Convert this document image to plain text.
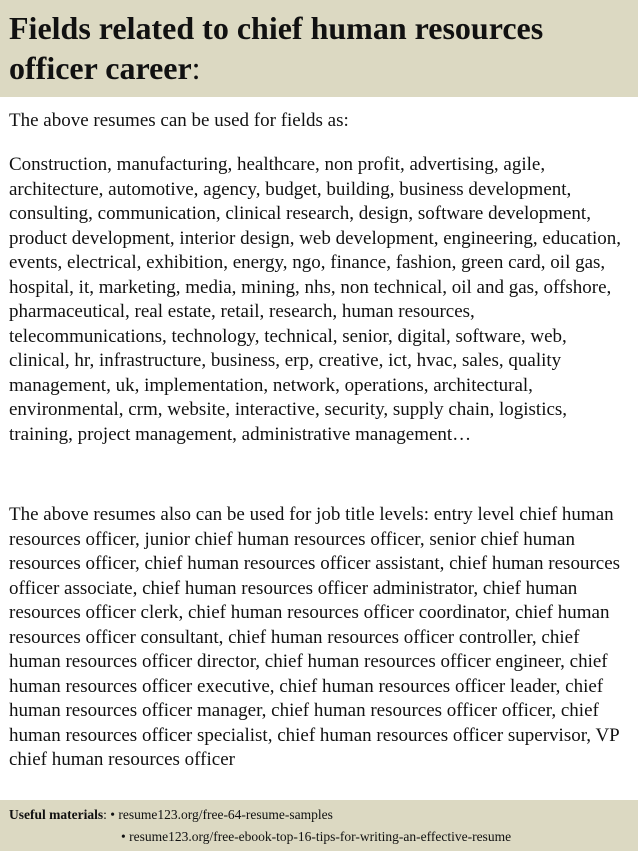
Fields related to chief human resources officer career:

The above resumes can be used for fields as:

Construction, manufacturing, healthcare, non profit, advertising, agile, architecture, automotive, agency, budget, building, business development, consulting, communication, clinical research, design, software development, product development, interior design, web development, engineering, education, events, electrical, exhibition, energy, ngo, finance, fashion, green card, oil gas, hospital, it, marketing, media, mining, nhs, non technical, oil and gas, offshore, pharmaceutical, real estate, retail, research, human resources, telecommunications, technology, technical, senior, digital, software, web, clinical, hr, infrastructure, business, erp, creative, ict, hvac, sales, quality management, uk, implementation, network, operations, architectural, environmental, crm, website, interactive, security, supply chain, logistics, training, project management, administrative management…

The above resumes also can be used for job title levels: entry level chief human resources officer, junior chief human resources officer, senior chief human resources officer, chief human resources officer assistant, chief human resources officer associate, chief human resources officer administrator, chief human resources officer clerk, chief human resources officer coordinator, chief human resources officer consultant, chief human resources officer controller, chief human resources officer director, chief human resources officer engineer, chief human resources officer executive, chief human resources officer leader, chief human resources officer manager, chief human resources officer officer, chief human resources officer specialist, chief human resources officer supervisor, VP chief human resources officer

Useful materials: • resume123.org/free-64-resume-samples
• resume123.org/free-ebook-top-16-tips-for-writing-an-effective-resume
